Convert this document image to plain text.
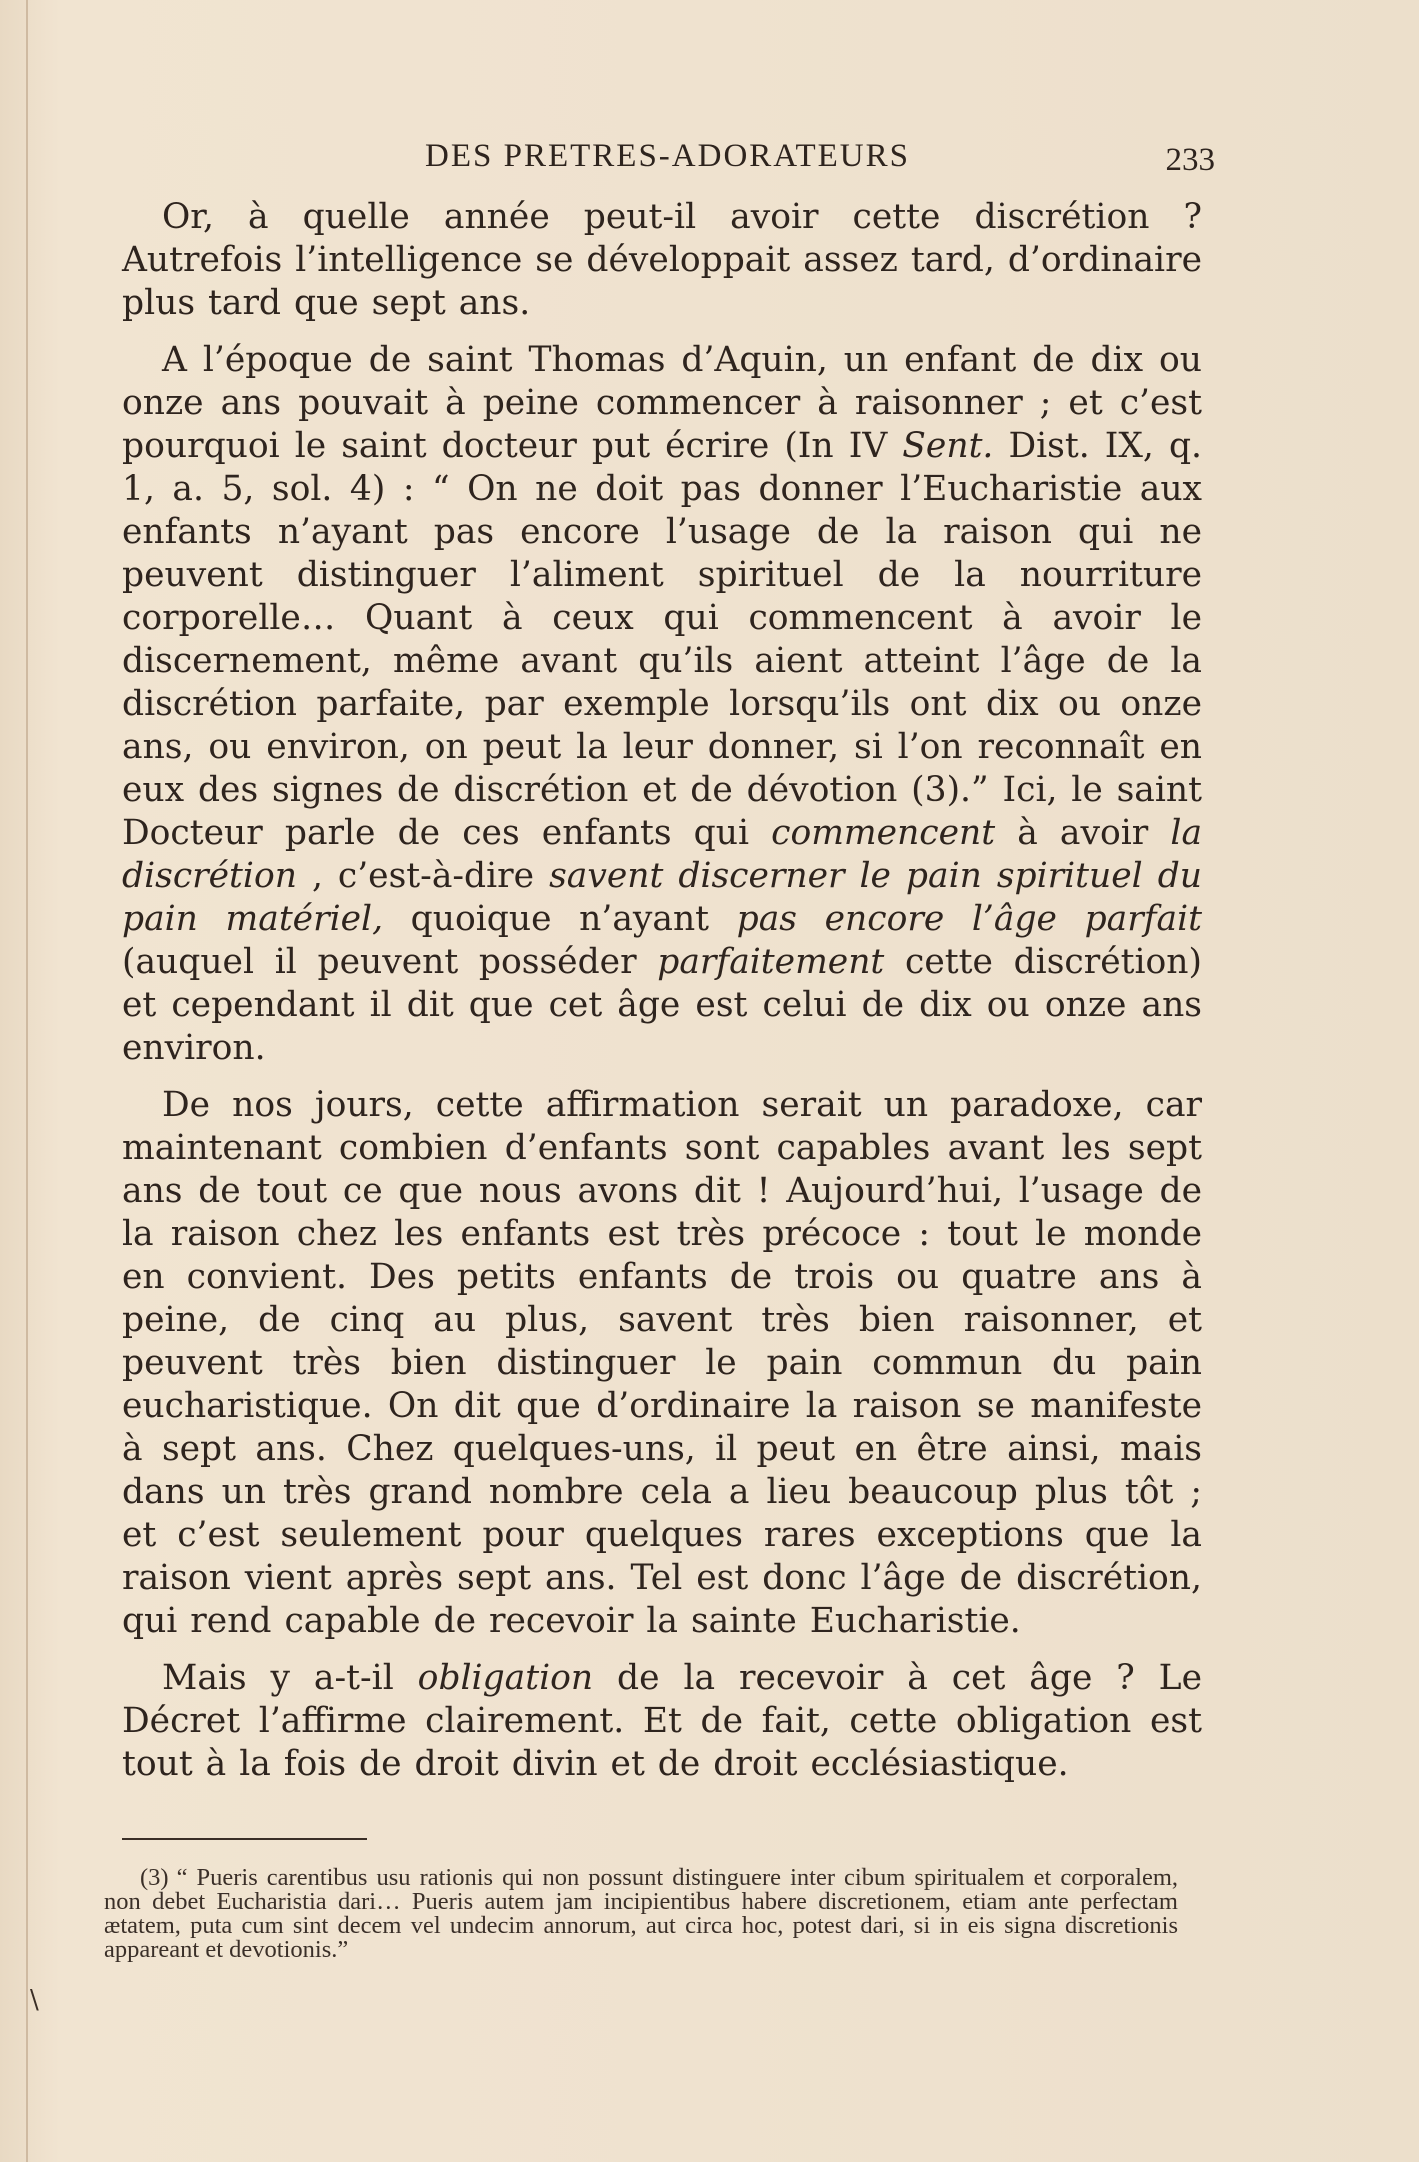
DES PRETRES-ADORATEURS	233

Or, à quelle année peut-il avoir cette discrétion ? Autrefois l’intelligence se développait assez tard, d’ordinaire plus tard que sept ans.

A l’époque de saint Thomas d’Aquin, un enfant de dix ou onze ans pouvait à peine commencer à raisonner ; et c’est pourquoi le saint docteur put écrire (In IV Sent. Dist. IX, q. 1, a. 5, sol. 4) : “ On ne doit pas donner l’Eucharistie aux enfants n’ayant pas encore l’usage de la raison qui ne peuvent distinguer l’aliment spirituel de la nourriture corporelle… Quant à ceux qui commencent à avoir le discernement, même avant qu’ils aient atteint l’âge de la discrétion parfaite, par exemple lorsqu’ils ont dix ou onze ans, ou environ, on peut la leur donner, si l’on reconnaît en eux des signes de discrétion et de dévotion (3).” Ici, le saint Docteur parle de ces enfants qui commencent à avoir la discrétion , c’est-à-dire savent discerner le pain spirituel du pain matériel, quoique n’ayant pas encore l’âge parfait (auquel il peuvent posséder parfaitement cette discrétion) et cependant il dit que cet âge est celui de dix ou onze ans environ.

De nos jours, cette affirmation serait un paradoxe, car maintenant combien d’enfants sont capables avant les sept ans de tout ce que nous avons dit ! Aujourd’hui, l’usage de la raison chez les enfants est très précoce : tout le monde en convient. Des petits enfants de trois ou quatre ans à peine, de cinq au plus, savent très bien raisonner, et peuvent très bien distinguer le pain commun du pain eucharistique. On dit que d’ordinaire la raison se manifeste à sept ans. Chez quelques-uns, il peut en être ainsi, mais dans un très grand nombre cela a lieu beaucoup plus tôt ; et c’est seulement pour quelques rares exceptions que la raison vient après sept ans. Tel est donc l’âge de discrétion, qui rend capable de recevoir la sainte Eucharistie.

Mais y a-t-il obligation de la recevoir à cet âge ? Le Décret l’affirme clairement. Et de fait, cette obligation est tout à la fois de droit divin et de droit ecclésiastique.

(3) “ Pueris carentibus usu rationis qui non possunt distinguere inter cibum spiritualem et corporalem, non debet Eucharistia dari… Pueris autem jam incipientibus habere discretionem, etiam ante perfectam ætatem, puta cum sint decem vel undecim annorum, aut circa hoc, potest dari, si in eis signa discretionis appareant et devotionis.”
\
